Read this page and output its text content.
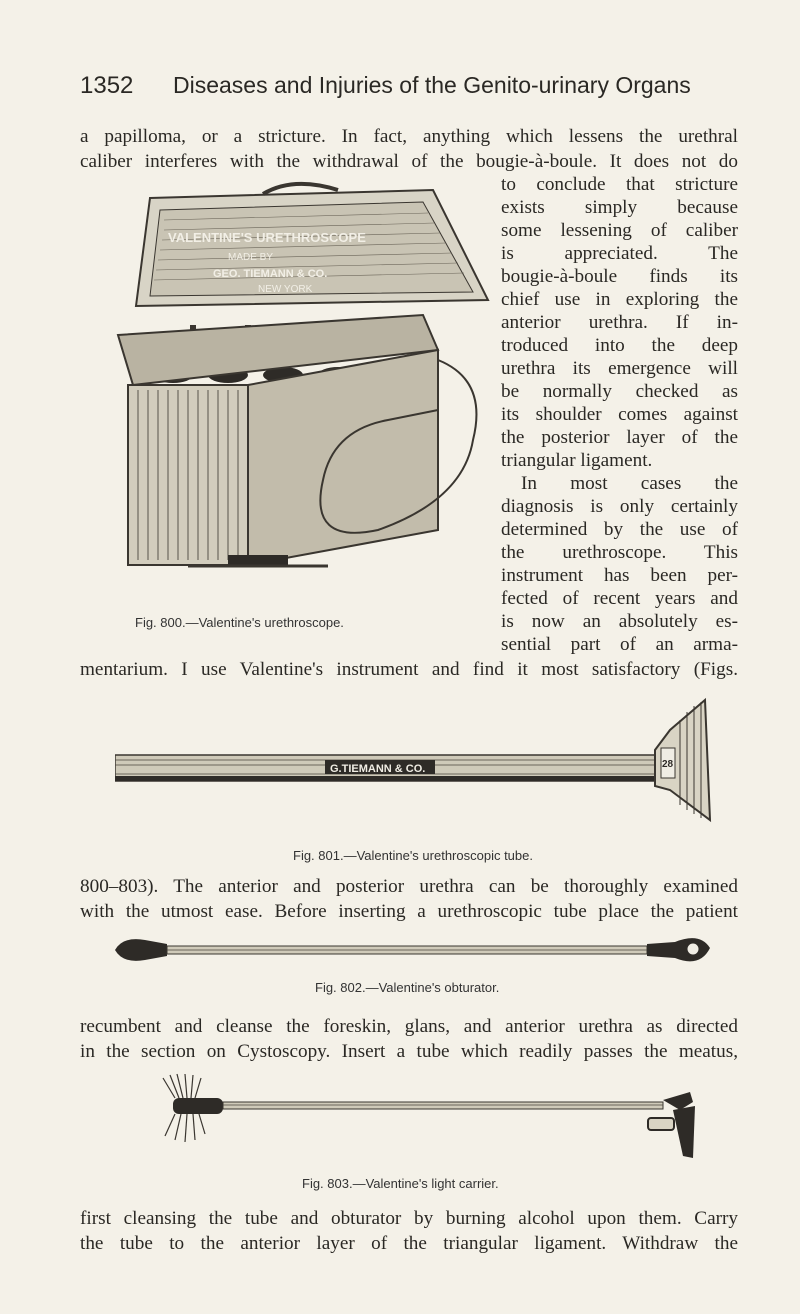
1352 Diseases and Injuries of the Genito-urinary Organs
a papilloma, or a stricture. In fact, anything which lessens the urethral
caliber interferes with the withdrawal of the bougie-à-boule. It does not do
VALENTINE'S URETHROSCOPE
MADE BY
GEO. TIEMANN & CO.
NEW YORK
to conclude that stricture
exists simply because
some lessening of caliber
is appreciated. The
bougie-à-boule finds its
chief use in exploring the
anterior urethra. If in-
troduced into the deep
urethra its emergence will
be normally checked as
its shoulder comes against
the posterior layer of the
triangular ligament.
In most cases the
diagnosis is only certainly
determined by the use of
the urethroscope. This
instrument has been per-
fected of recent years and
is now an absolutely es-
sential part of an arma-
Fig. 800.—Valentine's urethroscope.
mentarium. I use Valentine's instrument and find it most satisfactory (Figs.
G.TIEMANN & CO.	28
Fig. 801.—Valentine's urethroscopic tube.
800–803). The anterior and posterior urethra can be thoroughly examined
with the utmost ease. Before inserting a urethroscopic tube place the patient
Fig. 802.—Valentine's obturator.
recumbent and cleanse the foreskin, glans, and anterior urethra as directed
in the section on Cystoscopy. Insert a tube which readily passes the meatus,
Fig. 803.—Valentine's light carrier.
first cleansing the tube and obturator by burning alcohol upon them. Carry
the tube to the anterior layer of the triangular ligament. Withdraw the
